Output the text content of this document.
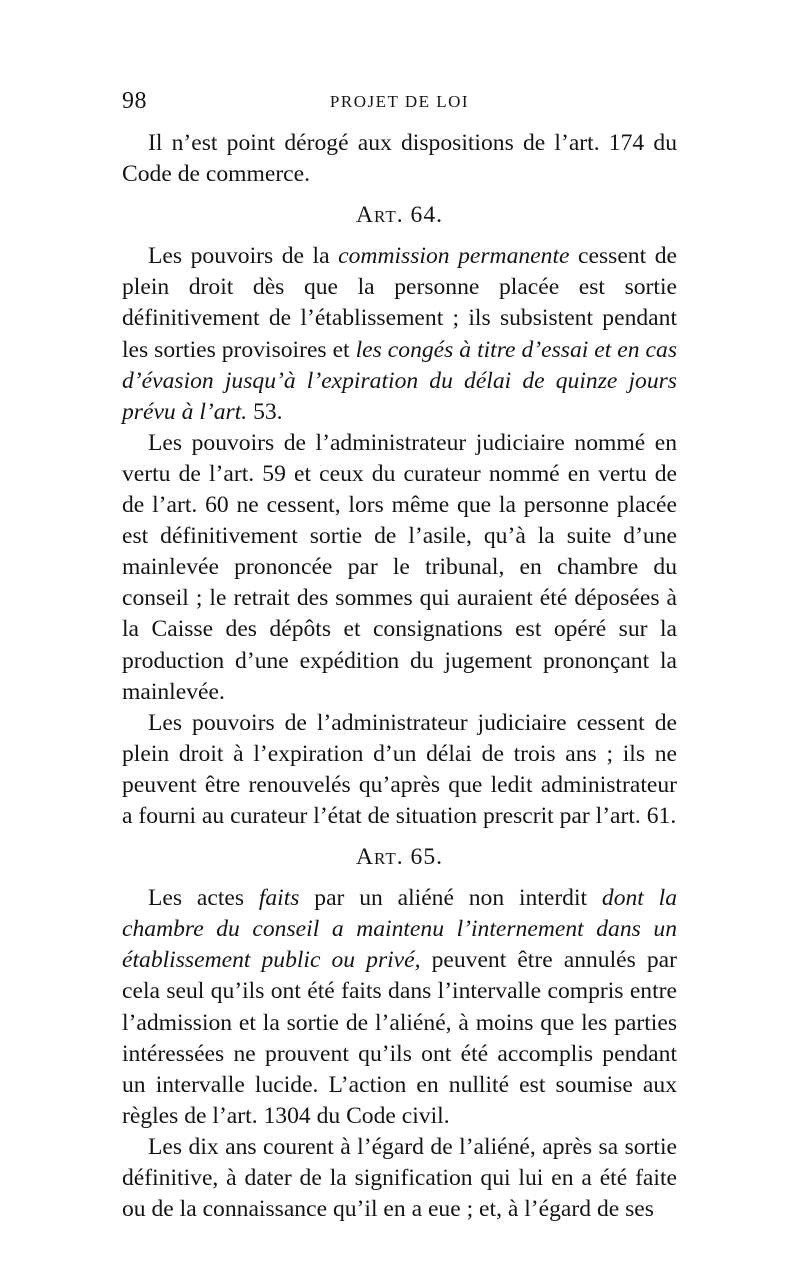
98	PROJET DE LOI

Il n’est point dérogé aux dispositions de l’art. 174 du Code de commerce.

Art. 64.

Les pouvoirs de la commission permanente cessent de plein droit dès que la personne placée est sortie définitivement de l’établissement ; ils subsistent pendant les sorties provisoires et les congés à titre d’essai et en cas d’évasion jusqu’à l’expiration du délai de quinze jours prévu à l’art. 53.

Les pouvoirs de l’administrateur judiciaire nommé en vertu de l’art. 59 et ceux du curateur nommé en vertu de de l’art. 60 ne cessent, lors même que la personne placée est définitivement sortie de l’asile, qu’à la suite d’une mainlevée prononcée par le tribunal, en chambre du conseil ; le retrait des sommes qui auraient été déposées à la Caisse des dépôts et consignations est opéré sur la production d’une expédition du jugement prononçant la mainlevée.

Les pouvoirs de l’administrateur judiciaire cessent de plein droit à l’expiration d’un délai de trois ans ; ils ne peuvent être renouvelés qu’après que ledit administrateur a fourni au curateur l’état de situation prescrit par l’art. 61.

Art. 65.

Les actes faits par un aliéné non interdit dont la chambre du conseil a maintenu l’internement dans un établissement public ou privé, peuvent être annulés par cela seul qu’ils ont été faits dans l’intervalle compris entre l’admission et la sortie de l’aliéné, à moins que les parties intéressées ne prouvent qu’ils ont été accomplis pendant un intervalle lucide. L’action en nullité est soumise aux règles de l’art. 1304 du Code civil.

Les dix ans courent à l’égard de l’aliéné, après sa sortie définitive, à dater de la signification qui lui en a été faite ou de la connaissance qu’il en a eue ; et, à l’égard de ses
